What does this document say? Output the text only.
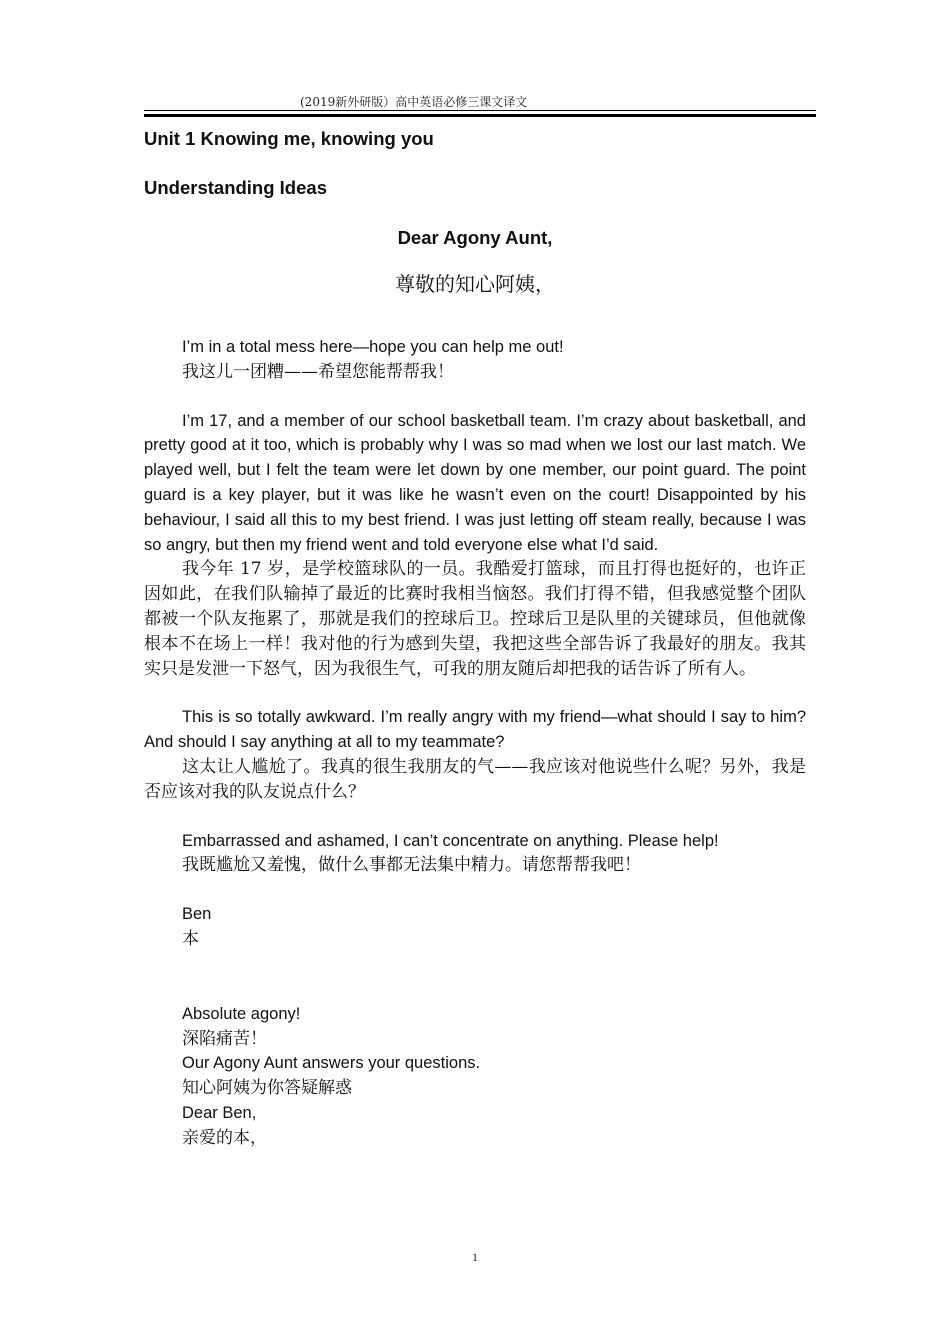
(2019新外研版）高中英语必修三课文译文

Unit 1 Knowing me, knowing you

Understanding Ideas

Dear Agony Aunt,

尊敬的知心阿姨，

I’m in a total mess here—hope you can help me out!

我这儿一团糟——希望您能帮帮我！

I’m 17, and a member of our school basketball team. I’m crazy about basketball, and pretty good at it too, which is probably why I was so mad when we lost our last match. We played well, but I felt the team were let down by one member, our point guard. The point guard is a key player, but it was like he wasn’t even on the court! Disappointed by his behaviour, I said all this to my best friend. I was just letting off steam really, because I was so angry, but then my friend went and told everyone else what I’d said.

我今年 17 岁，是学校篮球队的一员。我酷爱打篮球，而且打得也挺好的，也许正因如此，在我们队输掉了最近的比赛时我相当恼怒。我们打得不错，但我感觉整个团队都被一个队友拖累了，那就是我们的控球后卫。控球后卫是队里的关键球员，但他就像根本不在场上一样！我对他的行为感到失望，我把这些全部告诉了我最好的朋友。我其实只是发泄一下怒气，因为我很生气，可我的朋友随后却把我的话告诉了所有人。

This is so totally awkward. I’m really angry with my friend—what should I say to him? And should I say anything at all to my teammate?

这太让人尴尬了。我真的很生我朋友的气——我应该对他说些什么呢？另外，我是否应该对我的队友说点什么？

Embarrassed and ashamed, I can’t concentrate on anything. Please help!

我既尴尬又羞愧，做什么事都无法集中精力。请您帮帮我吧！

Ben

本

Absolute agony!

深陷痛苦！

Our Agony Aunt answers your questions.

知心阿姨为你答疑解惑

Dear Ben,

亲爱的本，

1
